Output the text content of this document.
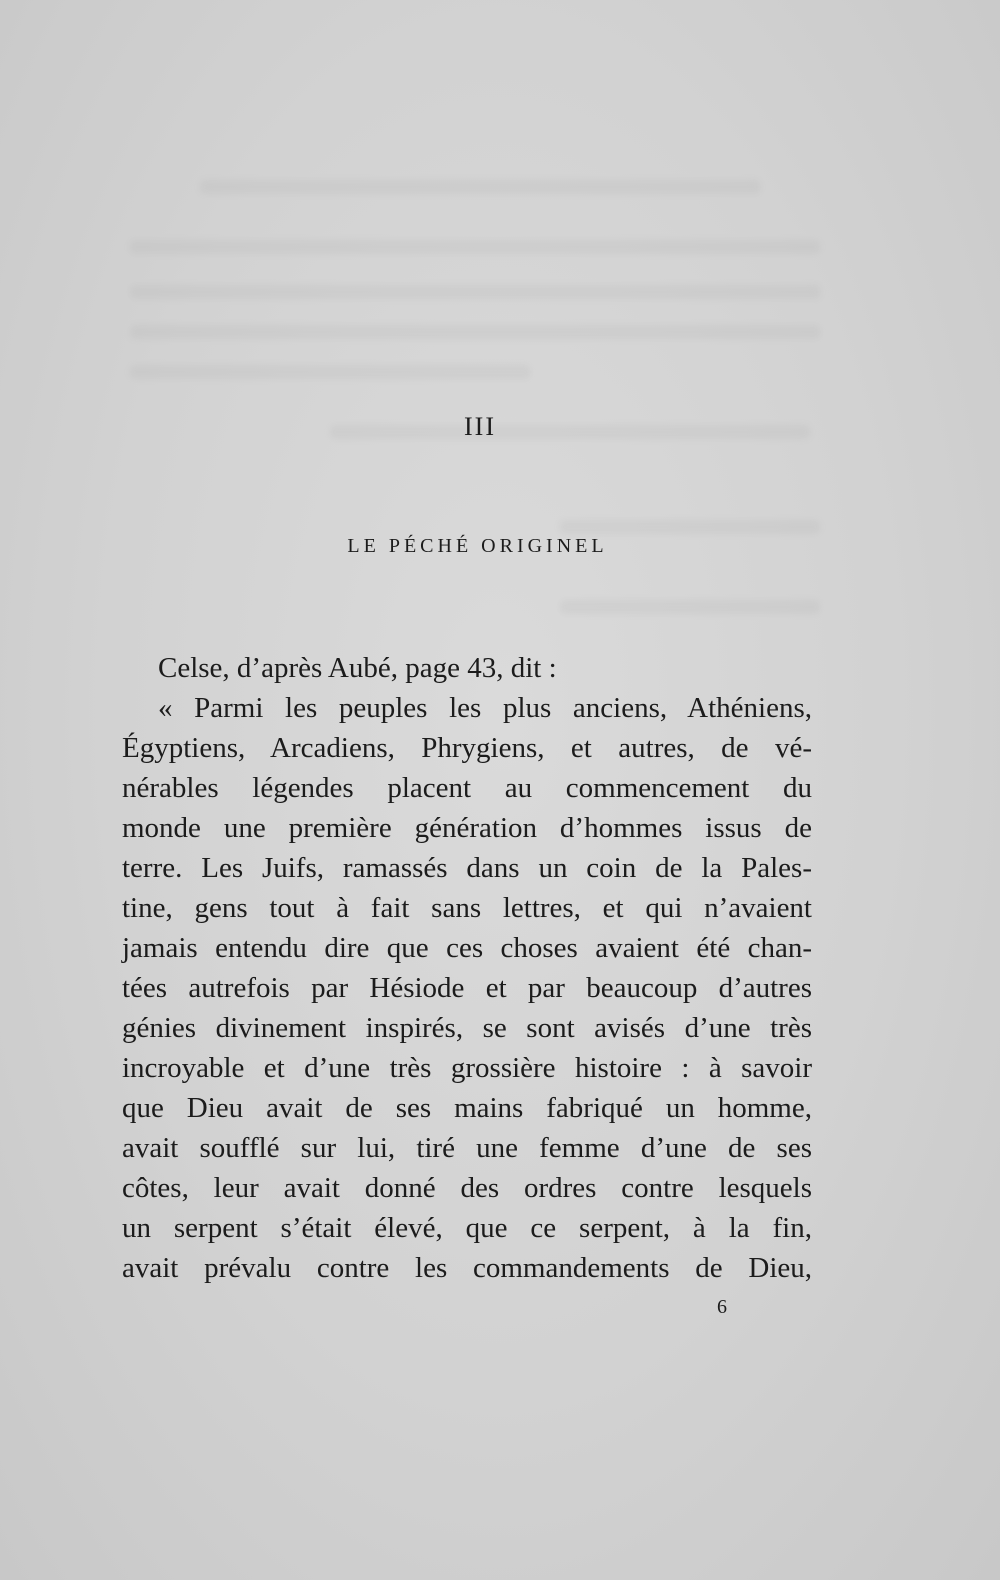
III
LE PÉCHÉ ORIGINEL
Celse, d’après Aubé, page 43, dit :
« Parmi les peuples les plus anciens, Athéniens,
Égyptiens, Arcadiens, Phrygiens, et autres, de vé-
nérables légendes placent au commencement du
monde une première génération d’hommes issus de
terre. Les Juifs, ramassés dans un coin de la Pales-
tine, gens tout à fait sans lettres, et qui n’avaient
jamais entendu dire que ces choses avaient été chan-
tées autrefois par Hésiode et par beaucoup d’autres
génies divinement inspirés, se sont avisés d’une très
incroyable et d’une très grossière histoire : à savoir
que Dieu avait de ses mains fabriqué un homme,
avait soufflé sur lui, tiré une femme d’une de ses
côtes, leur avait donné des ordres contre lesquels
un serpent s’était élevé, que ce serpent, à la fin,
avait prévalu contre les commandements de Dieu,
6
